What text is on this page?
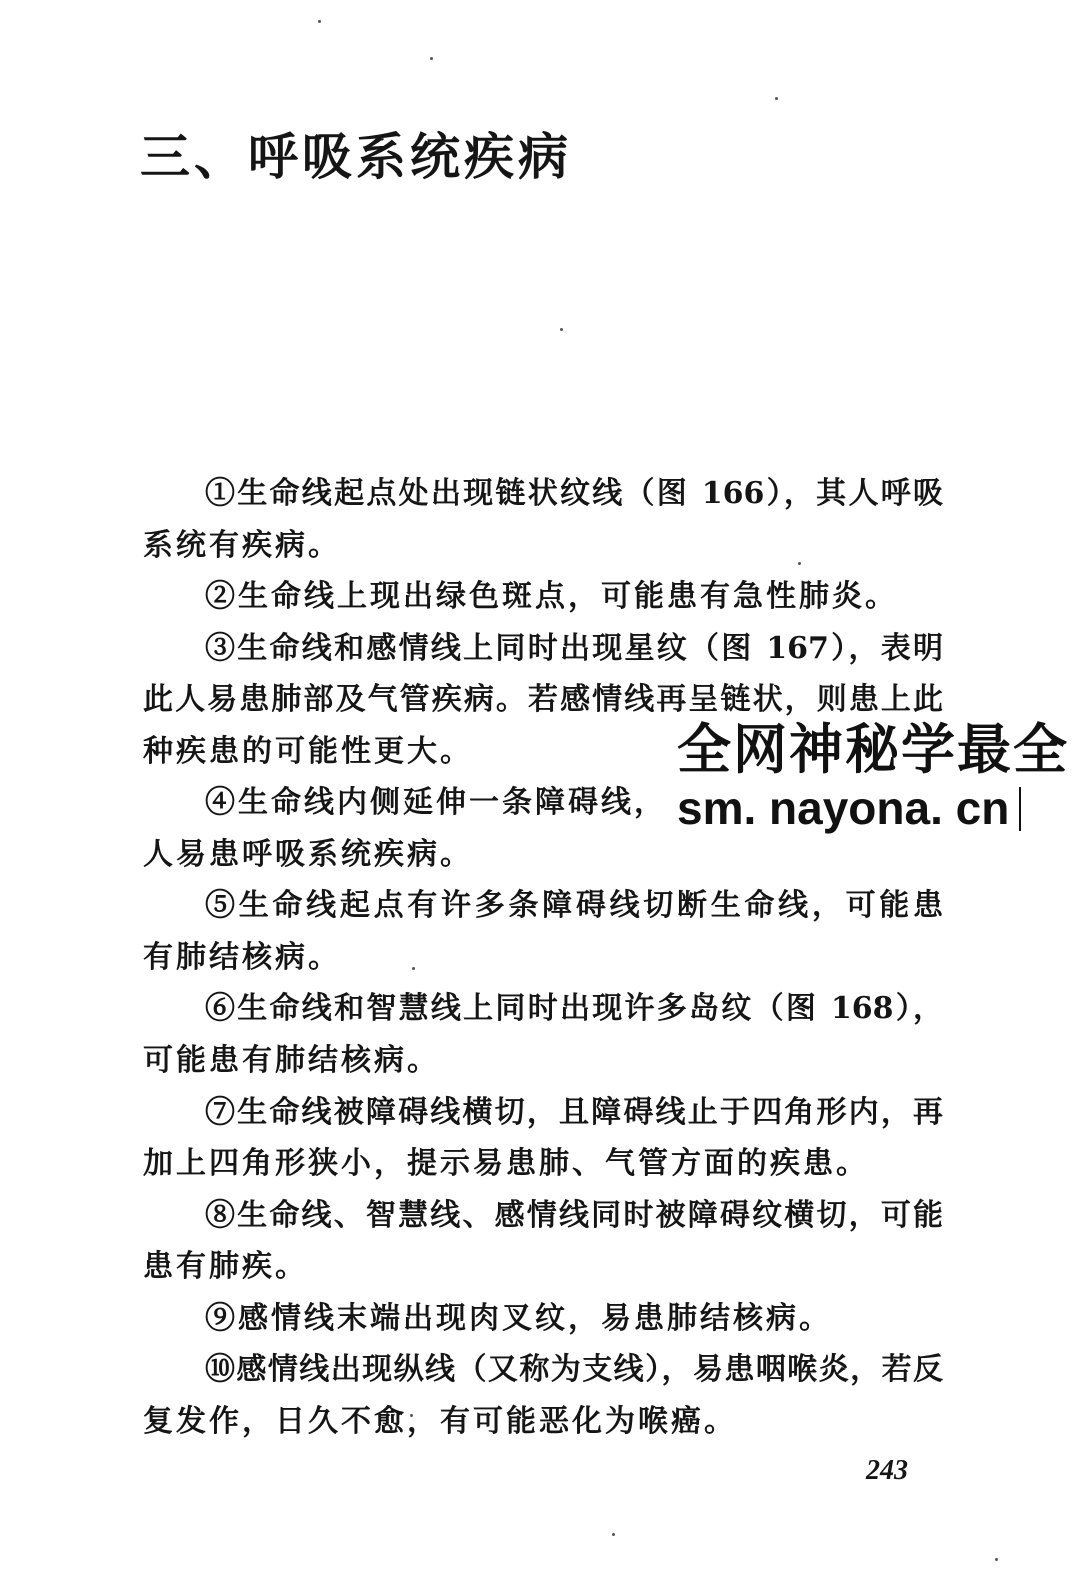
三、呼吸系统疾病
①生命线起点处出现链状纹线（图 166），其人呼吸
系统有疾病。
②生命线上现出绿色斑点，可能患有急性肺炎。
③生命线和感情线上同时出现星纹（图 167），表明
此人易患肺部及气管疾病。若感情线再呈链状，则患上此
种疾患的可能性更大。
④生命线内侧延伸一条障碍线，
人易患呼吸系统疾病。
⑤生命线起点有许多条障碍线切断生命线，可能患
有肺结核病。
⑥生命线和智慧线上同时出现许多岛纹（图 168），
可能患有肺结核病。
⑦生命线被障碍线横切，且障碍线止于四角形内，再
加上四角形狭小，提示易患肺、气管方面的疾患。
⑧生命线、智慧线、感情线同时被障碍纹横切，可能
患有肺疾。
⑨感情线末端出现肉叉纹，易患肺结核病。
⑩感情线出现纵线（又称为支线），易患咽喉炎，若反
复发作，日久不愈，有可能恶化为喉癌。
243
全网神秘学最全
sm. nayona. cn
